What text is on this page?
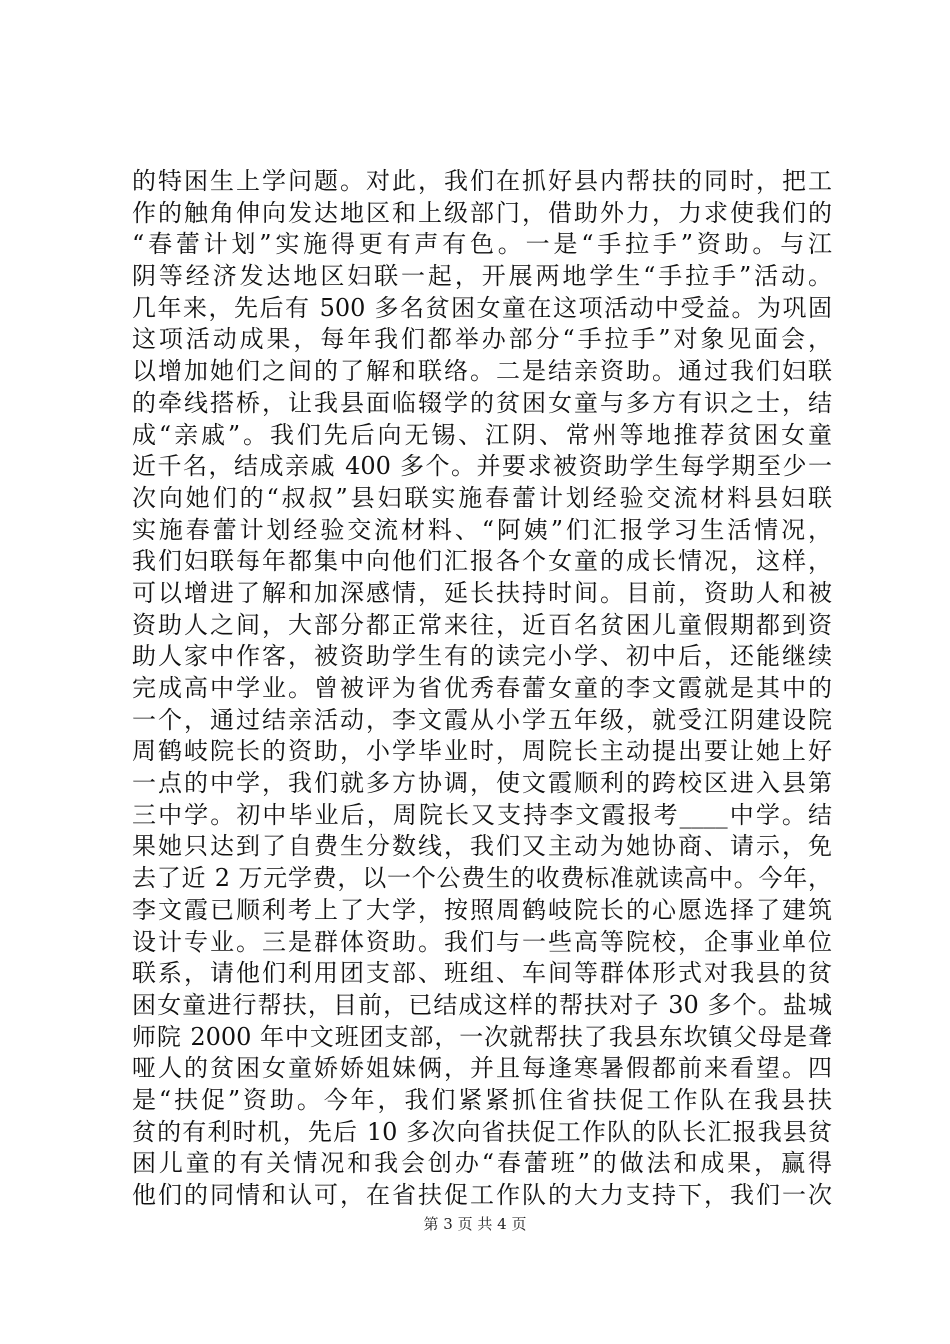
的特困生上学问题。对此，我们在抓好县内帮扶的同时，把工
作的触角伸向发达地区和上级部门，借助外力，力求使我们的
“春蕾计划”实施得更有声有色。一是“手拉手”资助。与江
阴等经济发达地区妇联一起，开展两地学生“手拉手”活动。
几年来，先后有 500 多名贫困女童在这项活动中受益。为巩固
这项活动成果，每年我们都举办部分“手拉手”对象见面会，
以增加她们之间的了解和联络。二是结亲资助。通过我们妇联
的牵线搭桥，让我县面临辍学的贫困女童与多方有识之士，结
成“亲戚”。我们先后向无锡、江阴、常州等地推荐贫困女童
近千名，结成亲戚 400 多个。并要求被资助学生每学期至少一
次向她们的“叔叔”县妇联实施春蕾计划经验交流材料县妇联
实施春蕾计划经验交流材料、“阿姨”们汇报学习生活情况，
我们妇联每年都集中向他们汇报各个女童的成长情况，这样，
可以增进了解和加深感情，延长扶持时间。目前，资助人和被
资助人之间，大部分都正常来往，近百名贫困儿童假期都到资
助人家中作客，被资助学生有的读完小学、初中后，还能继续
完成高中学业。曾被评为省优秀春蕾女童的李文霞就是其中的
一个，通过结亲活动，李文霞从小学五年级，就受江阴建设院
周鹤岐院长的资助，小学毕业时，周院长主动提出要让她上好
一点的中学，我们就多方协调，使文霞顺利的跨校区进入县第
三中学。初中毕业后，周院长又支持李文霞报考____中学。结
果她只达到了自费生分数线，我们又主动为她协商、请示，免
去了近 2 万元学费，以一个公费生的收费标准就读高中。今年，
李文霞已顺利考上了大学，按照周鹤岐院长的心愿选择了建筑
设计专业。三是群体资助。我们与一些高等院校，企事业单位
联系，请他们利用团支部、班组、车间等群体形式对我县的贫
困女童进行帮扶，目前，已结成这样的帮扶对子 30 多个。盐城
师院 2000 年中文班团支部，一次就帮扶了我县东坎镇父母是聋
哑人的贫困女童娇娇姐妹俩，并且每逢寒暑假都前来看望。四
是“扶促”资助。今年，我们紧紧抓住省扶促工作队在我县扶
贫的有利时机，先后 10 多次向省扶促工作队的队长汇报我县贫
困儿童的有关情况和我会创办“春蕾班”的做法和成果，赢得
他们的同情和认可，在省扶促工作队的大力支持下，我们一次
第 3 页 共 4 页
